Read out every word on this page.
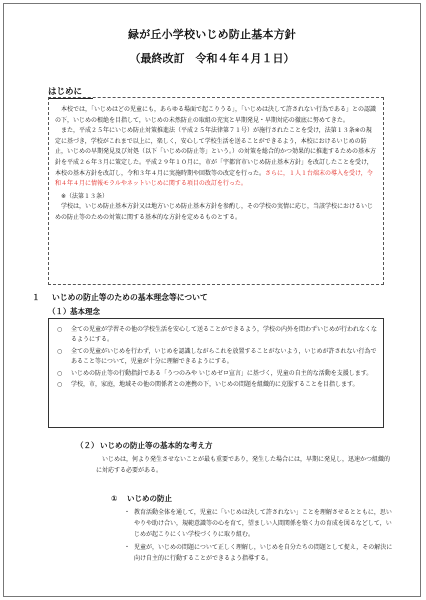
緑が丘小学校いじめ防止基本方針
（最終改訂　令和４年４月１日）
はじめに

本校では，「いじめはどの児童にも，あらゆる場面で起こりうる」，「いじめは決して許されない行為である」との認識の下，いじめの根絶を目指して，いじめの未然防止の取組の充実と早期発見・早期対応の徹底に努めてきた。

また，平成２５年にいじめ防止対策推進法（平成２５年法律第７１号）が施行されたことを受け，法第１３条※の規定に基づき，学校がこれまで以上に，楽しく，安心して学校生活を送ることができるよう，本校におけるいじめの防止，いじめの早期発見及び対処（以下「いじめの防止等」という。）の対策を総合的かつ効果的に推進するための基本方針を平成２６年３月に策定した。平成２９年１０月に，市が「宇都宮市いじめ防止基本方針」を改訂したことを受け，本校の基本方針を改訂し，令和３年４月に実施時期や回数等の改定を行った。さらに，１人１台端末の導入を受け，令和４年４月に情報モラルやネットいじめに関する項目の改訂を行った。

※（法第１３条）

学校は，いじめ防止基本方針又は地方いじめ防止基本方針を参酌し，その学校の実情に応じ，当該学校におけるいじめの防止等のための対策に関する基本的な方針を定めるものとする。

１ いじめの防止等のための基本理念等について
（１）基本理念
○ 全ての児童が学習その他の学校生活を安心して送ることができるよう，学校の内外を問わずいじめが行われなくなるようにする。
○ 全ての児童がいじめを行わず，いじめを認識しながらこれを放置することがないよう，いじめが許されない行為であること等について，児童が十分に理解できるようにする。
○ いじめの防止等の行動指針である「うつのみや いじめゼロ宣言」に基づく，児童の自主的な活動を支援します。
○ 学校，市，家庭，地域その他の関係者との連携の下，いじめの問題を組織的に克服することを目指します。
（２） いじめの防止等の基本的な考え方

いじめは，何より発生させないことが最も重要であり，発生した場合には，早期に発見し，迅速かつ組織的に対応する必要がある。

① いじめの防止
・ 教育活動全体を通して，児童に「いじめは決して許されない」ことを理解させるとともに，思いやりや助け合い，規範意識等の心を育て，望ましい人間関係を築く力の育成を図るなどして，いじめが起こりにくい学校づくりに取り組む。
・ 児童が，いじめの問題について正しく理解し，いじめを自分たちの問題として捉え，その解決に向け自主的に行動することができるよう指導する。
